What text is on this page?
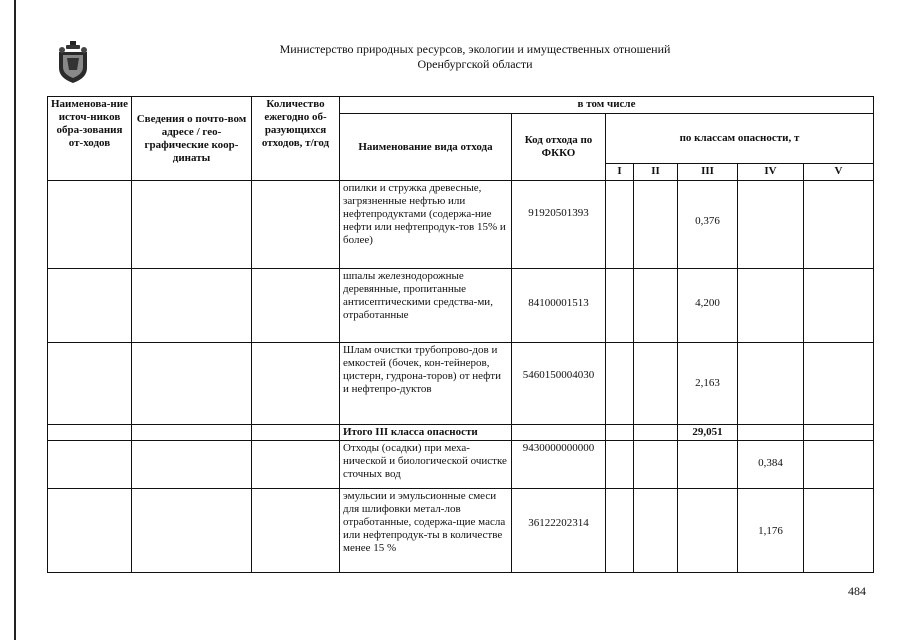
Министерство природных ресурсов, экологии и имущественных отношений
Оренбургской области
Наименова-ние источ-ников обра-зования от-ходов	Сведения о почто-вом адресе / гео-графические коор-динаты	Количество ежегодно об-разующихся отходов, т/год	в том числе						
			Наименование вида отхода	Код отхода по ФККО	по классам опасности, т				
					I	II	III	IV	V
			опилки и стружка древесные, загрязненные нефтью или нефтепродуктами (содержа-ние нефти или нефтепродук-тов 15% и более)	91920501393			0,376		
			шпалы железнодорожные деревянные, пропитанные антисептическими средства-ми, отработанные	84100001513			4,200		
			Шлам очистки трубопрово-дов и емкостей (бочек, кон-тейнеров, цистерн, гудрона-торов) от нефти и нефтепро-дуктов	5460150004030			2,163		
			Итого III класса опасности				29,051		
			Отходы (осадки) при меха-нической и биологической очистке сточных вод	9430000000000				0,384	
			эмульсии и эмульсионные смеси для шлифовки метал-лов отработанные, содержа-щие масла или нефтепродук-ты в количестве менее 15 %	36122202314				1,176	
484
